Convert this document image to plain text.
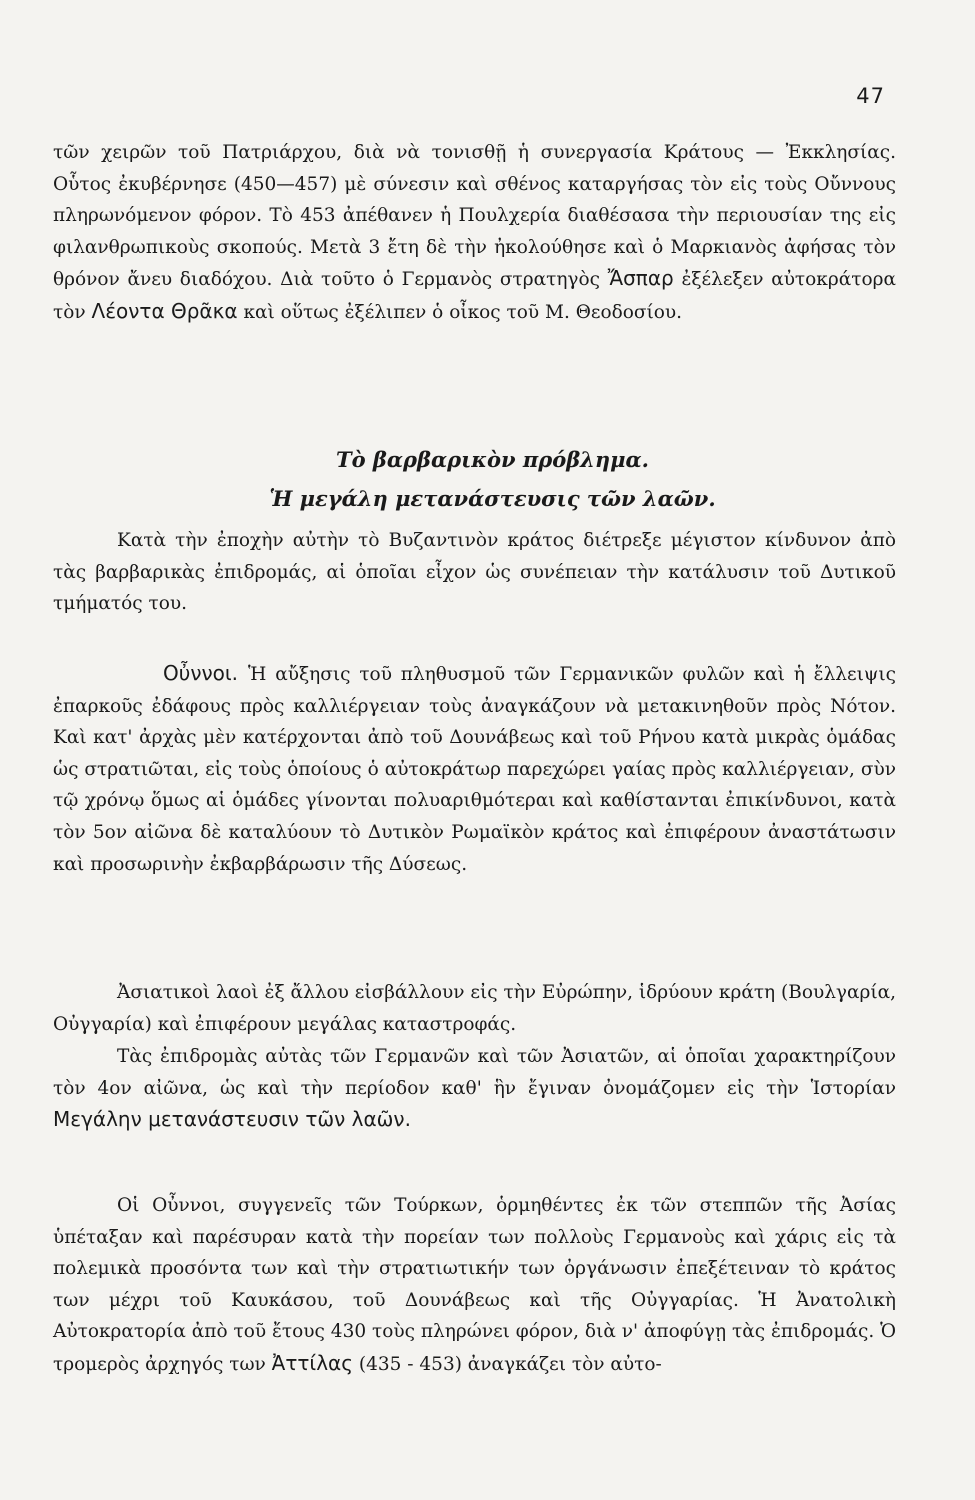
47
τῶν χειρῶν τοῦ Πατριάρχου, διὰ νὰ τονισθῇ ἡ συνεργασία Κράτους — Ἐκκλησίας. Οὗτος ἐκυβέρνησε (450—457) μὲ σύνεσιν καὶ σθένος καταργήσας τὸν εἰς τοὺς Οὔννους πληρωνόμενον φόρον. Τὸ 453 ἀπέθανεν ἡ Πουλχερία διαθέσασα τὴν περιουσίαν της εἰς φιλανθρωπικοὺς σκοπούς. Μετὰ 3 ἔτη δὲ τὴν ἠκολούθησε καὶ ὁ Μαρκιανὸς ἀφήσας τὸν θρόνον ἄνευ διαδόχου. Διὰ τοῦτο ὁ Γερμανὸς στρατηγὸς Ἄσπαρ ἐξέλεξεν αὐτοκράτορα τὸν Λέοντα Θρᾶκα καὶ οὕτως ἐξέλιπεν ὁ οἶκος τοῦ Μ. Θεοδοσίου.
Τὸ βαρβαρικὸν πρόβλημα.
Ἡ μεγάλη μετανάστευσις τῶν λαῶν.
Κατὰ τὴν ἐποχὴν αὐτὴν τὸ Βυζαντινὸν κράτος διέτρεξε μέγιστον κίνδυνον ἀπὸ τὰς βαρβαρικὰς ἐπιδρομάς, αἱ ὁποῖαι εἶχον ὡς συνέπειαν τὴν κατάλυσιν τοῦ Δυτικοῦ τμήματός του.
Οὖννοι. Ἡ αὔξησις τοῦ πληθυσμοῦ τῶν Γερμανικῶν φυλῶν καὶ ἡ ἔλλειψις ἐπαρκοῦς ἐδάφους πρὸς καλλιέργειαν τοὺς ἀναγκάζουν νὰ μετακινηθοῦν πρὸς Νότον. Καὶ κατ' ἀρχὰς μὲν κατέρχονται ἀπὸ τοῦ Δουνάβεως καὶ τοῦ Ρήνου κατὰ μικρὰς ὁμάδας ὡς στρατιῶται, εἰς τοὺς ὁποίους ὁ αὐτοκράτωρ παρεχώρει γαίας πρὸς καλλιέργειαν, σὺν τῷ χρόνῳ ὅμως αἱ ὁμάδες γίνονται πολυαριθμότεραι καὶ καθίστανται ἐπικίνδυνοι, κατὰ τὸν 5ον αἰῶνα δὲ καταλύουν τὸ Δυτικὸν Ρωμαϊκὸν κράτος καὶ ἐπιφέρουν ἀναστάτωσιν καὶ προσωρινὴν ἐκβαρβάρωσιν τῆς Δύσεως.
Ἀσιατικοὶ λαοὶ ἐξ ἄλλου εἰσβάλλουν εἰς τὴν Εὐρώπην, ἱδρύουν κράτη (Βουλγαρία, Οὐγγαρία) καὶ ἐπιφέρουν μεγάλας καταστροφάς.
Τὰς ἐπιδρομὰς αὐτὰς τῶν Γερμανῶν καὶ τῶν Ἀσιατῶν, αἱ ὁποῖαι χαρακτηρίζουν τὸν 4ον αἰῶνα, ὡς καὶ τὴν περίοδον καθ' ἣν ἔγιναν ὀνομάζομεν εἰς τὴν Ἱστορίαν Μεγάλην μετανάστευσιν τῶν λαῶν.
Οἱ Οὖννοι, συγγενεῖς τῶν Τούρκων, ὁρμηθέντες ἐκ τῶν στεππῶν τῆς Ἀσίας ὑπέταξαν καὶ παρέσυραν κατὰ τὴν πορείαν των πολλοὺς Γερμανοὺς καὶ χάρις εἰς τὰ πολεμικὰ προσόντα των καὶ τὴν στρατιωτικήν των ὀργάνωσιν ἐπεξέτειναν τὸ κράτος των μέχρι τοῦ Καυκάσου, τοῦ Δουνάβεως καὶ τῆς Οὐγγαρίας. Ἡ Ἀνατολικὴ Αὐτοκρατορία ἀπὸ τοῦ ἔτους 430 τοὺς πληρώνει φόρον, διὰ ν' ἀποφύγῃ τὰς ἐπιδρομάς. Ὁ τρομερὸς ἀρχηγός των Ἀττίλας (435 - 453) ἀναγκάζει τὸν αὐτο-
